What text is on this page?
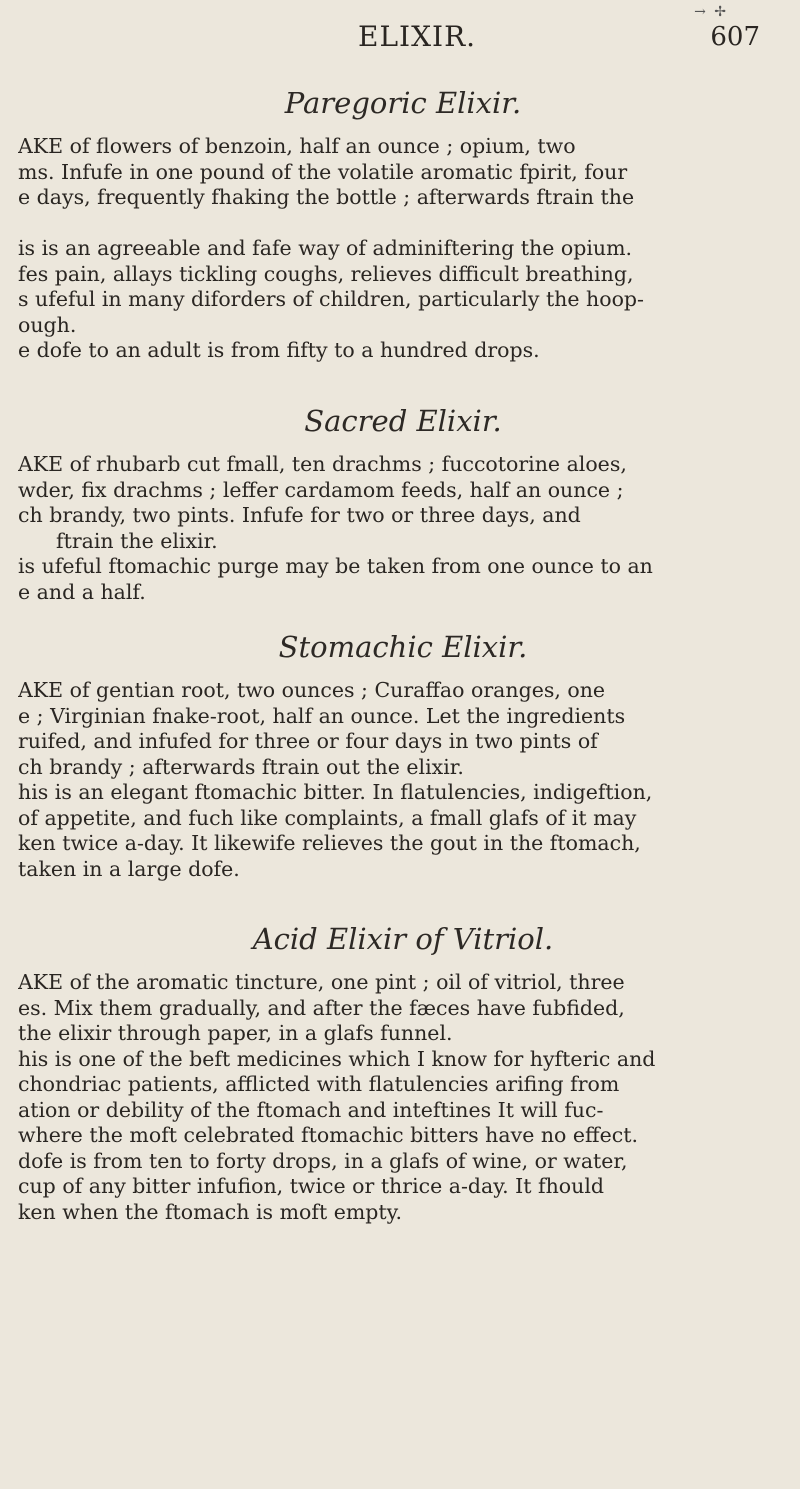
→ ✢
ELIXIR.	607
Paregoric Elixir.
AKE of flowers of benzoin, half an ounce ; opium, two
ms. Infufe in one pound of the volatile aromatic fpirit, four
e days, frequently fhaking the bottle ; afterwards ftrain the

is is an agreeable and fafe way of adminiftering the opium.
fes pain, allays tickling coughs, relieves difficult breathing,
s ufeful in many diforders of children, particularly the hoop-
ough.
e dofe to an adult is from fifty to a hundred drops.
Sacred Elixir.
AKE of rhubarb cut fmall, ten drachms ; fuccotorine aloes,
wder, fix drachms ; leffer cardamom feeds, half an ounce ;
ch brandy, two pints. Infufe for two or three days, and
ftrain the elixir.
is ufeful ftomachic purge may be taken from one ounce to an
e and a half.
Stomachic Elixir.
AKE of gentian root, two ounces ; Curaffao oranges, one
e ; Virginian fnake-root, half an ounce. Let the ingredients
ruifed, and infufed for three or four days in two pints of
ch brandy ; afterwards ftrain out the elixir.
his is an elegant ftomachic bitter. In flatulencies, indigeftion,
of appetite, and fuch like complaints, a fmall glafs of it may
ken twice a-day. It likewife relieves the gout in the ftomach,
taken in a large dofe.
Acid Elixir of Vitriol.
AKE of the aromatic tincture, one pint ; oil of vitriol, three
es. Mix them gradually, and after the fæces have fubfided,
the elixir through paper, in a glafs funnel.
his is one of the beft medicines which I know for hyfteric and
chondriac patients, afflicted with flatulencies arifing from
ation or debility of the ftomach and inteftines It will fuc-
where the moft celebrated ftomachic bitters have no effect.
dofe is from ten to forty drops, in a glafs of wine, or water,
cup of any bitter infufion, twice or thrice a-day. It fhould
ken when the ftomach is moft empty.
